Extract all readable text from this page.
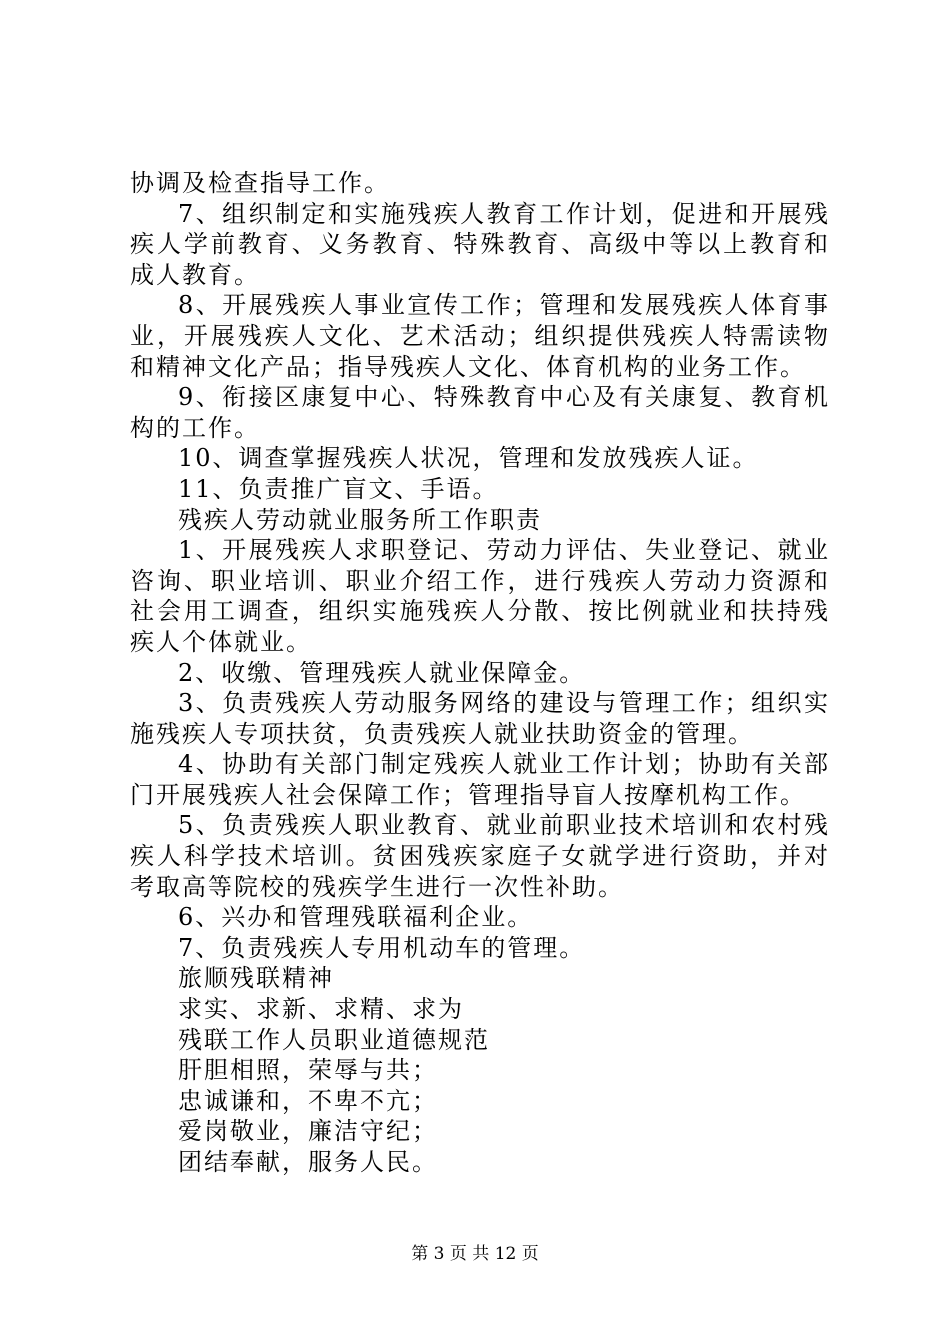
协调及检查指导工作。

7、组织制定和实施残疾人教育工作计划，促进和开展残疾人学前教育、义务教育、特殊教育、高级中等以上教育和成人教育。

8、开展残疾人事业宣传工作；管理和发展残疾人体育事业，开展残疾人文化、艺术活动；组织提供残疾人特需读物和精神文化产品；指导残疾人文化、体育机构的业务工作。

9、衔接区康复中心、特殊教育中心及有关康复、教育机构的工作。

10、调查掌握残疾人状况，管理和发放残疾人证。

11、负责推广盲文、手语。

残疾人劳动就业服务所工作职责

1、开展残疾人求职登记、劳动力评估、失业登记、就业咨询、职业培训、职业介绍工作，进行残疾人劳动力资源和社会用工调查，组织实施残疾人分散、按比例就业和扶持残疾人个体就业。

2、收缴、管理残疾人就业保障金。

3、负责残疾人劳动服务网络的建设与管理工作；组织实施残疾人专项扶贫，负责残疾人就业扶助资金的管理。

4、协助有关部门制定残疾人就业工作计划；协助有关部门开展残疾人社会保障工作；管理指导盲人按摩机构工作。

5、负责残疾人职业教育、就业前职业技术培训和农村残疾人科学技术培训。贫困残疾家庭子女就学进行资助，并对考取高等院校的残疾学生进行一次性补助。

6、兴办和管理残联福利企业。

7、负责残疾人专用机动车的管理。

旅顺残联精神

求实、求新、求精、求为

残联工作人员职业道德规范

肝胆相照，荣辱与共；

忠诚谦和，不卑不亢；

爱岗敬业，廉洁守纪；

团结奉献，服务人民。

第 3 页 共 12 页
